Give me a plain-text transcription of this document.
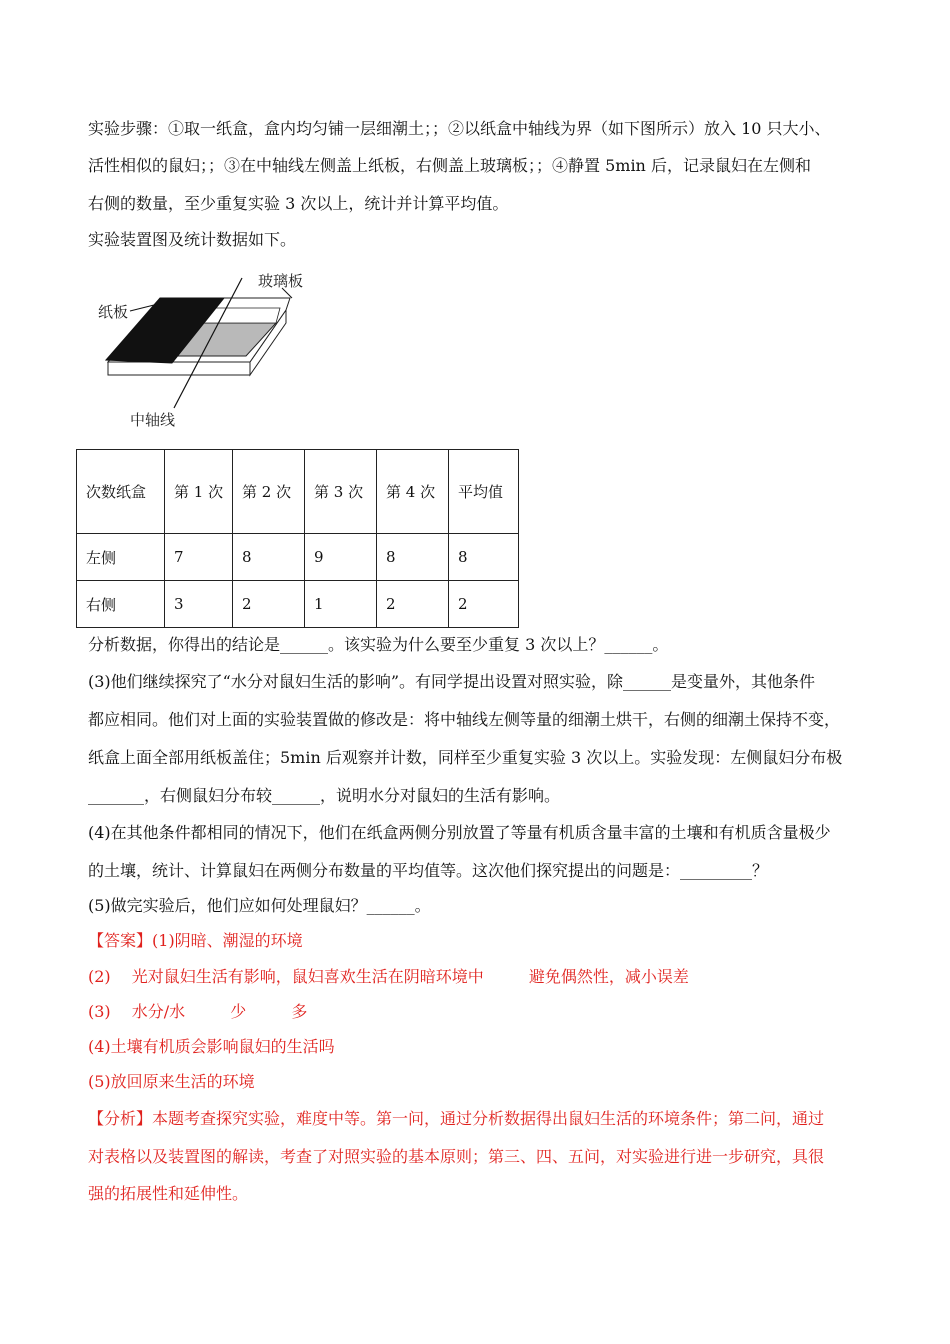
实验步骤：①取一纸盒，盒内均匀铺一层细潮土；；②以纸盒中轴线为界（如下图所示）放入 10 只大小、
活性相似的鼠妇；；③在中轴线左侧盖上纸板，右侧盖上玻璃板；；④静置 5min 后，记录鼠妇在左侧和
右侧的数量，至少重复实验 3 次以上，统计并计算平均值。
实验装置图及统计数据如下。
玻璃板
纸板
中轴线
次数纸盒	第 1 次	第 2 次	第 3 次	第 4 次	平均值
左侧	7	8	9	8	8
右侧	3	2	1	2	2
分析数据，你得出的结论是______。该实验为什么要至少重复 3 次以上？______。
(3)他们继续探究了“水分对鼠妇生活的影响”。有同学提出设置对照实验，除______是变量外，其他条件
都应相同。他们对上面的实验装置做的修改是：将中轴线左侧等量的细潮土烘干，右侧的细潮土保持不变，
纸盒上面全部用纸板盖住；5min 后观察并计数，同样至少重复实验 3 次以上。实验发现：左侧鼠妇分布极
_______，右侧鼠妇分布较______，说明水分对鼠妇的生活有影响。
(4)在其他条件都相同的情况下，他们在纸盒两侧分别放置了等量有机质含量丰富的土壤和有机质含量极少
的土壤，统计、计算鼠妇在两侧分布数量的平均值等。这次他们探究提出的问题是：_________？
(5)做完实验后，他们应如何处理鼠妇？______。
【答案】(1)阴暗、潮湿的环境
(2) 光对鼠妇生活有影响，鼠妇喜欢生活在阴暗环境中	避免偶然性，减小误差
(3) 水分/水	少	多
(4)土壤有机质会影响鼠妇的生活吗
(5)放回原来生活的环境
【分析】本题考查探究实验，难度中等。第一问，通过分析数据得出鼠妇生活的环境条件；第二问，通过
对表格以及装置图的解读，考查了对照实验的基本原则；第三、四、五问，对实验进行进一步研究，具很
强的拓展性和延伸性。
